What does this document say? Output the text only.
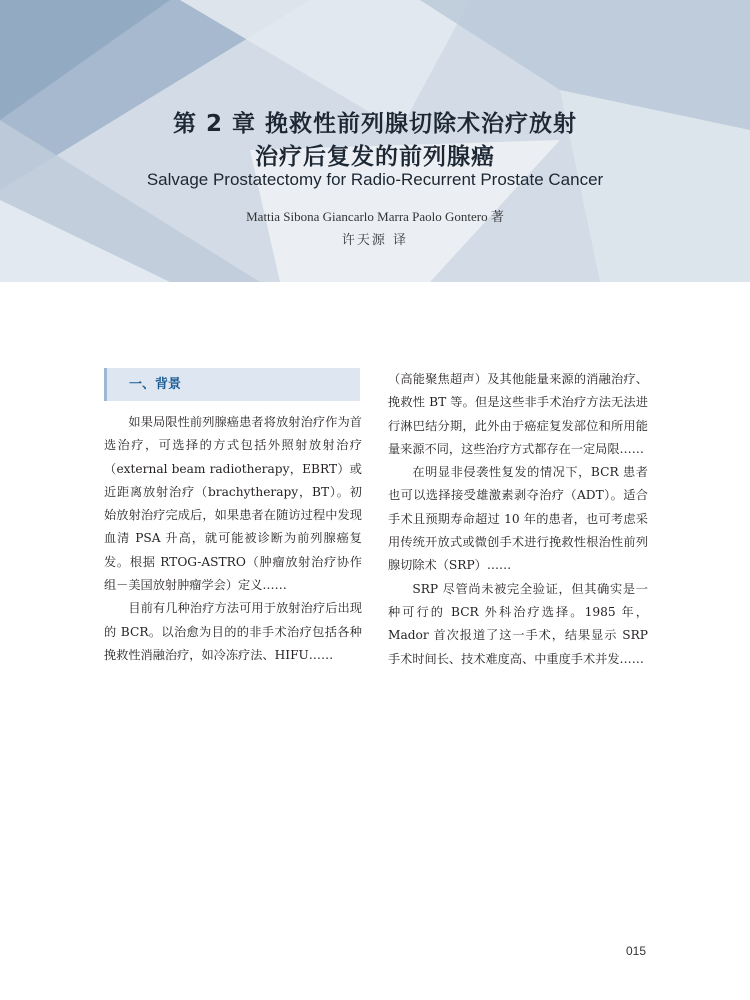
第 2 章 挽救性前列腺切除术治疗放射
治疗后复发的前列腺癌
Salvage Prostatectomy for Radio-Recurrent Prostate Cancer
Mattia Sibona Giancarlo Marra Paolo Gontero 著
许天源 译
一、背景

如果局限性前列腺癌患者将放射治疗作为首选治疗，可选择的方式包括外照射放射治疗（external beam radiotherapy，EBRT）或近距离放射治疗（brachytherapy，BT）。初始放射治疗完成后，如果患者在随访过程中发现血清 PSA 升高，就可能被诊断为前列腺癌复发。根据 RTOG-ASTRO（肿瘤放射治疗协作组－美国放射肿瘤学会）定义……

目前有几种治疗方法可用于放射治疗后出现的 BCR。以治愈为目的的非手术治疗包括各种挽救性消融治疗，如冷冻疗法、HIFU……

（高能聚焦超声）及其他能量来源的消融治疗、挽救性 BT 等。但是这些非手术治疗方法无法进行淋巴结分期，此外由于癌症复发部位和所用能量来源不同，这些治疗方式都存在一定局限……

在明显非侵袭性复发的情况下，BCR 患者也可以选择接受雄激素剥夺治疗（ADT）。适合手术且预期寿命超过 10 年的患者，也可考虑采用传统开放式或微创手术进行挽救性根治性前列腺切除术（SRP）……

SRP 尽管尚未被完全验证，但其确实是一种可行的 BCR 外科治疗选择。1985 年，Mador 首次报道了这一手术，结果显示 SRP 手术时间长、技术难度高、中重度手术并发……

015
